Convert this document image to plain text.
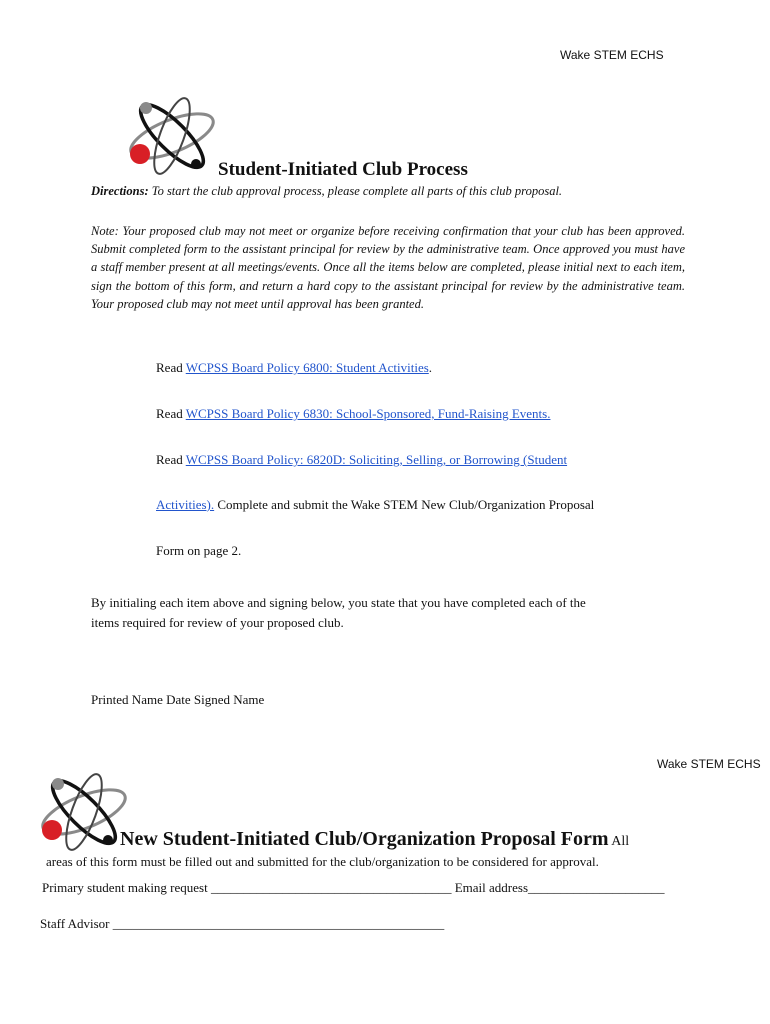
Wake STEM ECHS
Student-Initiated Club Process
Directions: To start the club approval process, please complete all parts of this club proposal.
Note: Your proposed club may not meet or organize before receiving confirmation that your club has been approved. Submit completed form to the assistant principal for review by the administrative team. Once approved you must have a staff member present at all meetings/events. Once all the items below are completed, please initial next to each item, sign the bottom of this form, and return a hard copy to the assistant principal for review by the administrative team. Your proposed club may not meet until approval has been granted.
Read WCPSS Board Policy 6800: Student Activities.
Read WCPSS Board Policy 6830: School-Sponsored, Fund-Raising Events.
Read WCPSS Board Policy: 6820D: Soliciting, Selling, or Borrowing (Student
Activities). Complete and submit the Wake STEM New Club/Organization Proposal
Form on page 2.
By initialing each item above and signing below, you state that you have completed each of the
items required for review of your proposed club.
Printed Name Date Signed Name
Wake STEM ECHS
New Student-Initiated Club/Organization Proposal Form All
areas of this form must be filled out and submitted for the club/organization to be considered for approval.
Primary student making request _____________________________________ Email address_____________________
Staff Advisor ___________________________________________________
